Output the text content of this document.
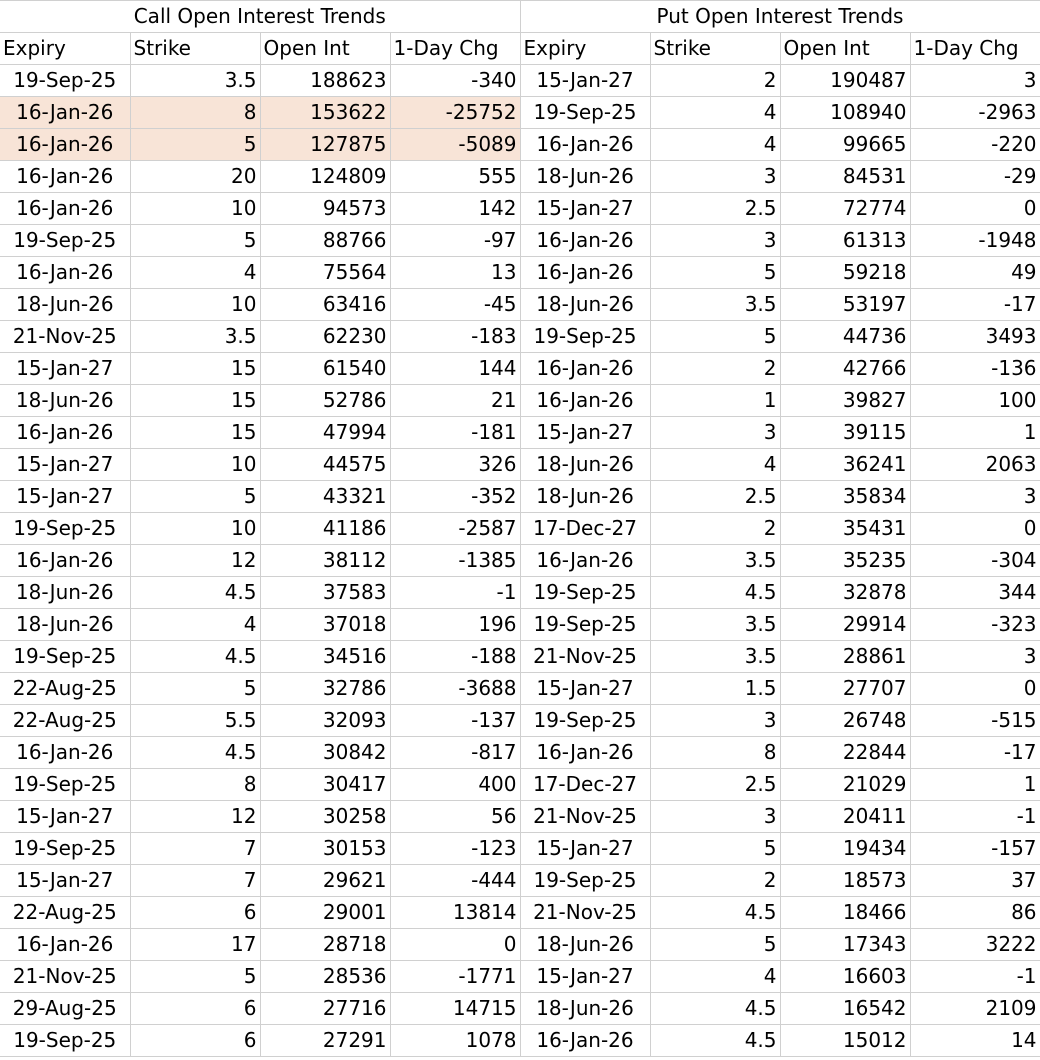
Call Open Interest Trends				Put Open Interest Trends			
Expiry	Strike	Open Int	1-Day Chg	Expiry	Strike	Open Int	1-Day Chg
19-Sep-25	3.5	188623	-340	15-Jan-27	2	190487	3
16-Jan-26	8	153622	-25752	19-Sep-25	4	108940	-2963
16-Jan-26	5	127875	-5089	16-Jan-26	4	99665	-220
16-Jan-26	20	124809	555	18-Jun-26	3	84531	-29
16-Jan-26	10	94573	142	15-Jan-27	2.5	72774	0
19-Sep-25	5	88766	-97	16-Jan-26	3	61313	-1948
16-Jan-26	4	75564	13	16-Jan-26	5	59218	49
18-Jun-26	10	63416	-45	18-Jun-26	3.5	53197	-17
21-Nov-25	3.5	62230	-183	19-Sep-25	5	44736	3493
15-Jan-27	15	61540	144	16-Jan-26	2	42766	-136
18-Jun-26	15	52786	21	16-Jan-26	1	39827	100
16-Jan-26	15	47994	-181	15-Jan-27	3	39115	1
15-Jan-27	10	44575	326	18-Jun-26	4	36241	2063
15-Jan-27	5	43321	-352	18-Jun-26	2.5	35834	3
19-Sep-25	10	41186	-2587	17-Dec-27	2	35431	0
16-Jan-26	12	38112	-1385	16-Jan-26	3.5	35235	-304
18-Jun-26	4.5	37583	-1	19-Sep-25	4.5	32878	344
18-Jun-26	4	37018	196	19-Sep-25	3.5	29914	-323
19-Sep-25	4.5	34516	-188	21-Nov-25	3.5	28861	3
22-Aug-25	5	32786	-3688	15-Jan-27	1.5	27707	0
22-Aug-25	5.5	32093	-137	19-Sep-25	3	26748	-515
16-Jan-26	4.5	30842	-817	16-Jan-26	8	22844	-17
19-Sep-25	8	30417	400	17-Dec-27	2.5	21029	1
15-Jan-27	12	30258	56	21-Nov-25	3	20411	-1
19-Sep-25	7	30153	-123	15-Jan-27	5	19434	-157
15-Jan-27	7	29621	-444	19-Sep-25	2	18573	37
22-Aug-25	6	29001	13814	21-Nov-25	4.5	18466	86
16-Jan-26	17	28718	0	18-Jun-26	5	17343	3222
21-Nov-25	5	28536	-1771	15-Jan-27	4	16603	-1
29-Aug-25	6	27716	14715	18-Jun-26	4.5	16542	2109
19-Sep-25	6	27291	1078	16-Jan-26	4.5	15012	14
